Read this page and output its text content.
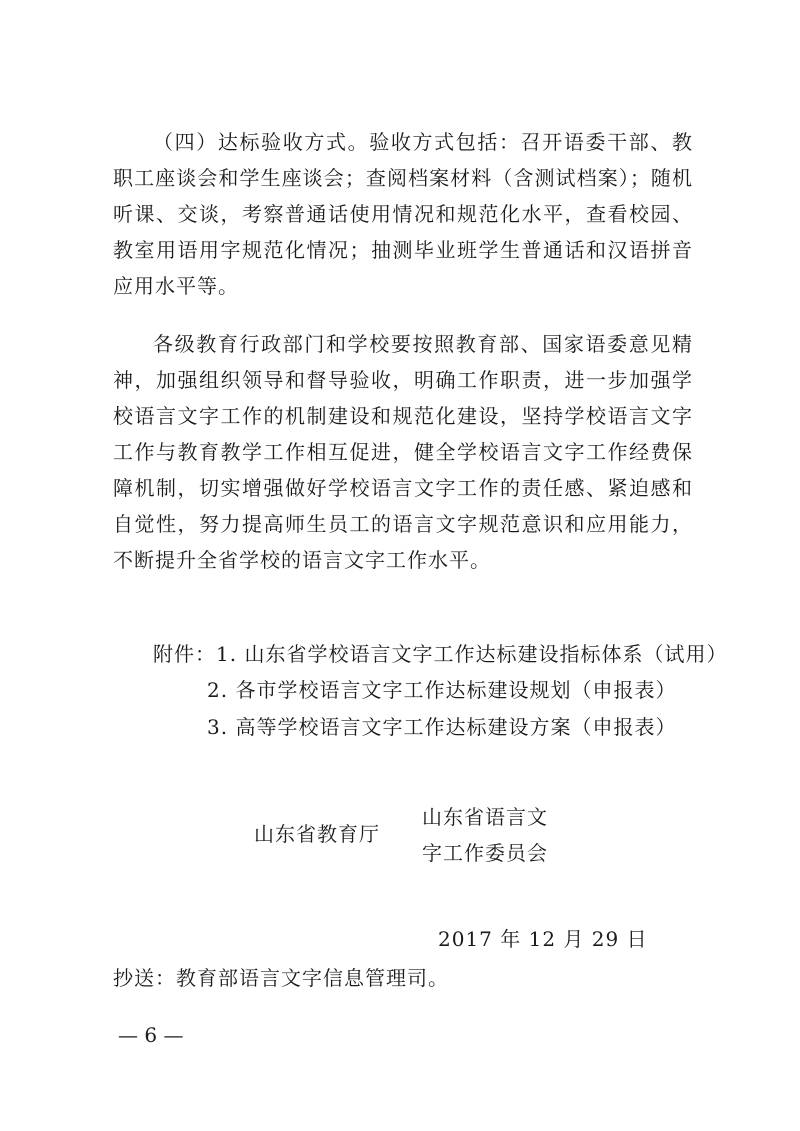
（四）达标验收方式。验收方式包括：召开语委干部、教职工座谈会和学生座谈会；查阅档案材料（含测试档案）；随机听课、交谈，考察普通话使用情况和规范化水平，查看校园、教室用语用字规范化情况；抽测毕业班学生普通话和汉语拼音应用水平等。

各级教育行政部门和学校要按照教育部、国家语委意见精神，加强组织领导和督导验收，明确工作职责，进一步加强学校语言文字工作的机制建设和规范化建设，坚持学校语言文字工作与教育教学工作相互促进，健全学校语言文字工作经费保障机制，切实增强做好学校语言文字工作的责任感、紧迫感和自觉性，努力提高师生员工的语言文字规范意识和应用能力，不断提升全省学校的语言文字工作水平。

附件：1. 山东省学校语言文字工作达标建设指标体系（试用）
2. 各市学校语言文字工作达标建设规划（申报表）
3. 高等学校语言文字工作达标建设方案（申报表）
山东省教育厅
山东省语言文字工作委员会
2017 年 12 月 29 日
抄送：教育部语言文字信息管理司。
— 6 —
